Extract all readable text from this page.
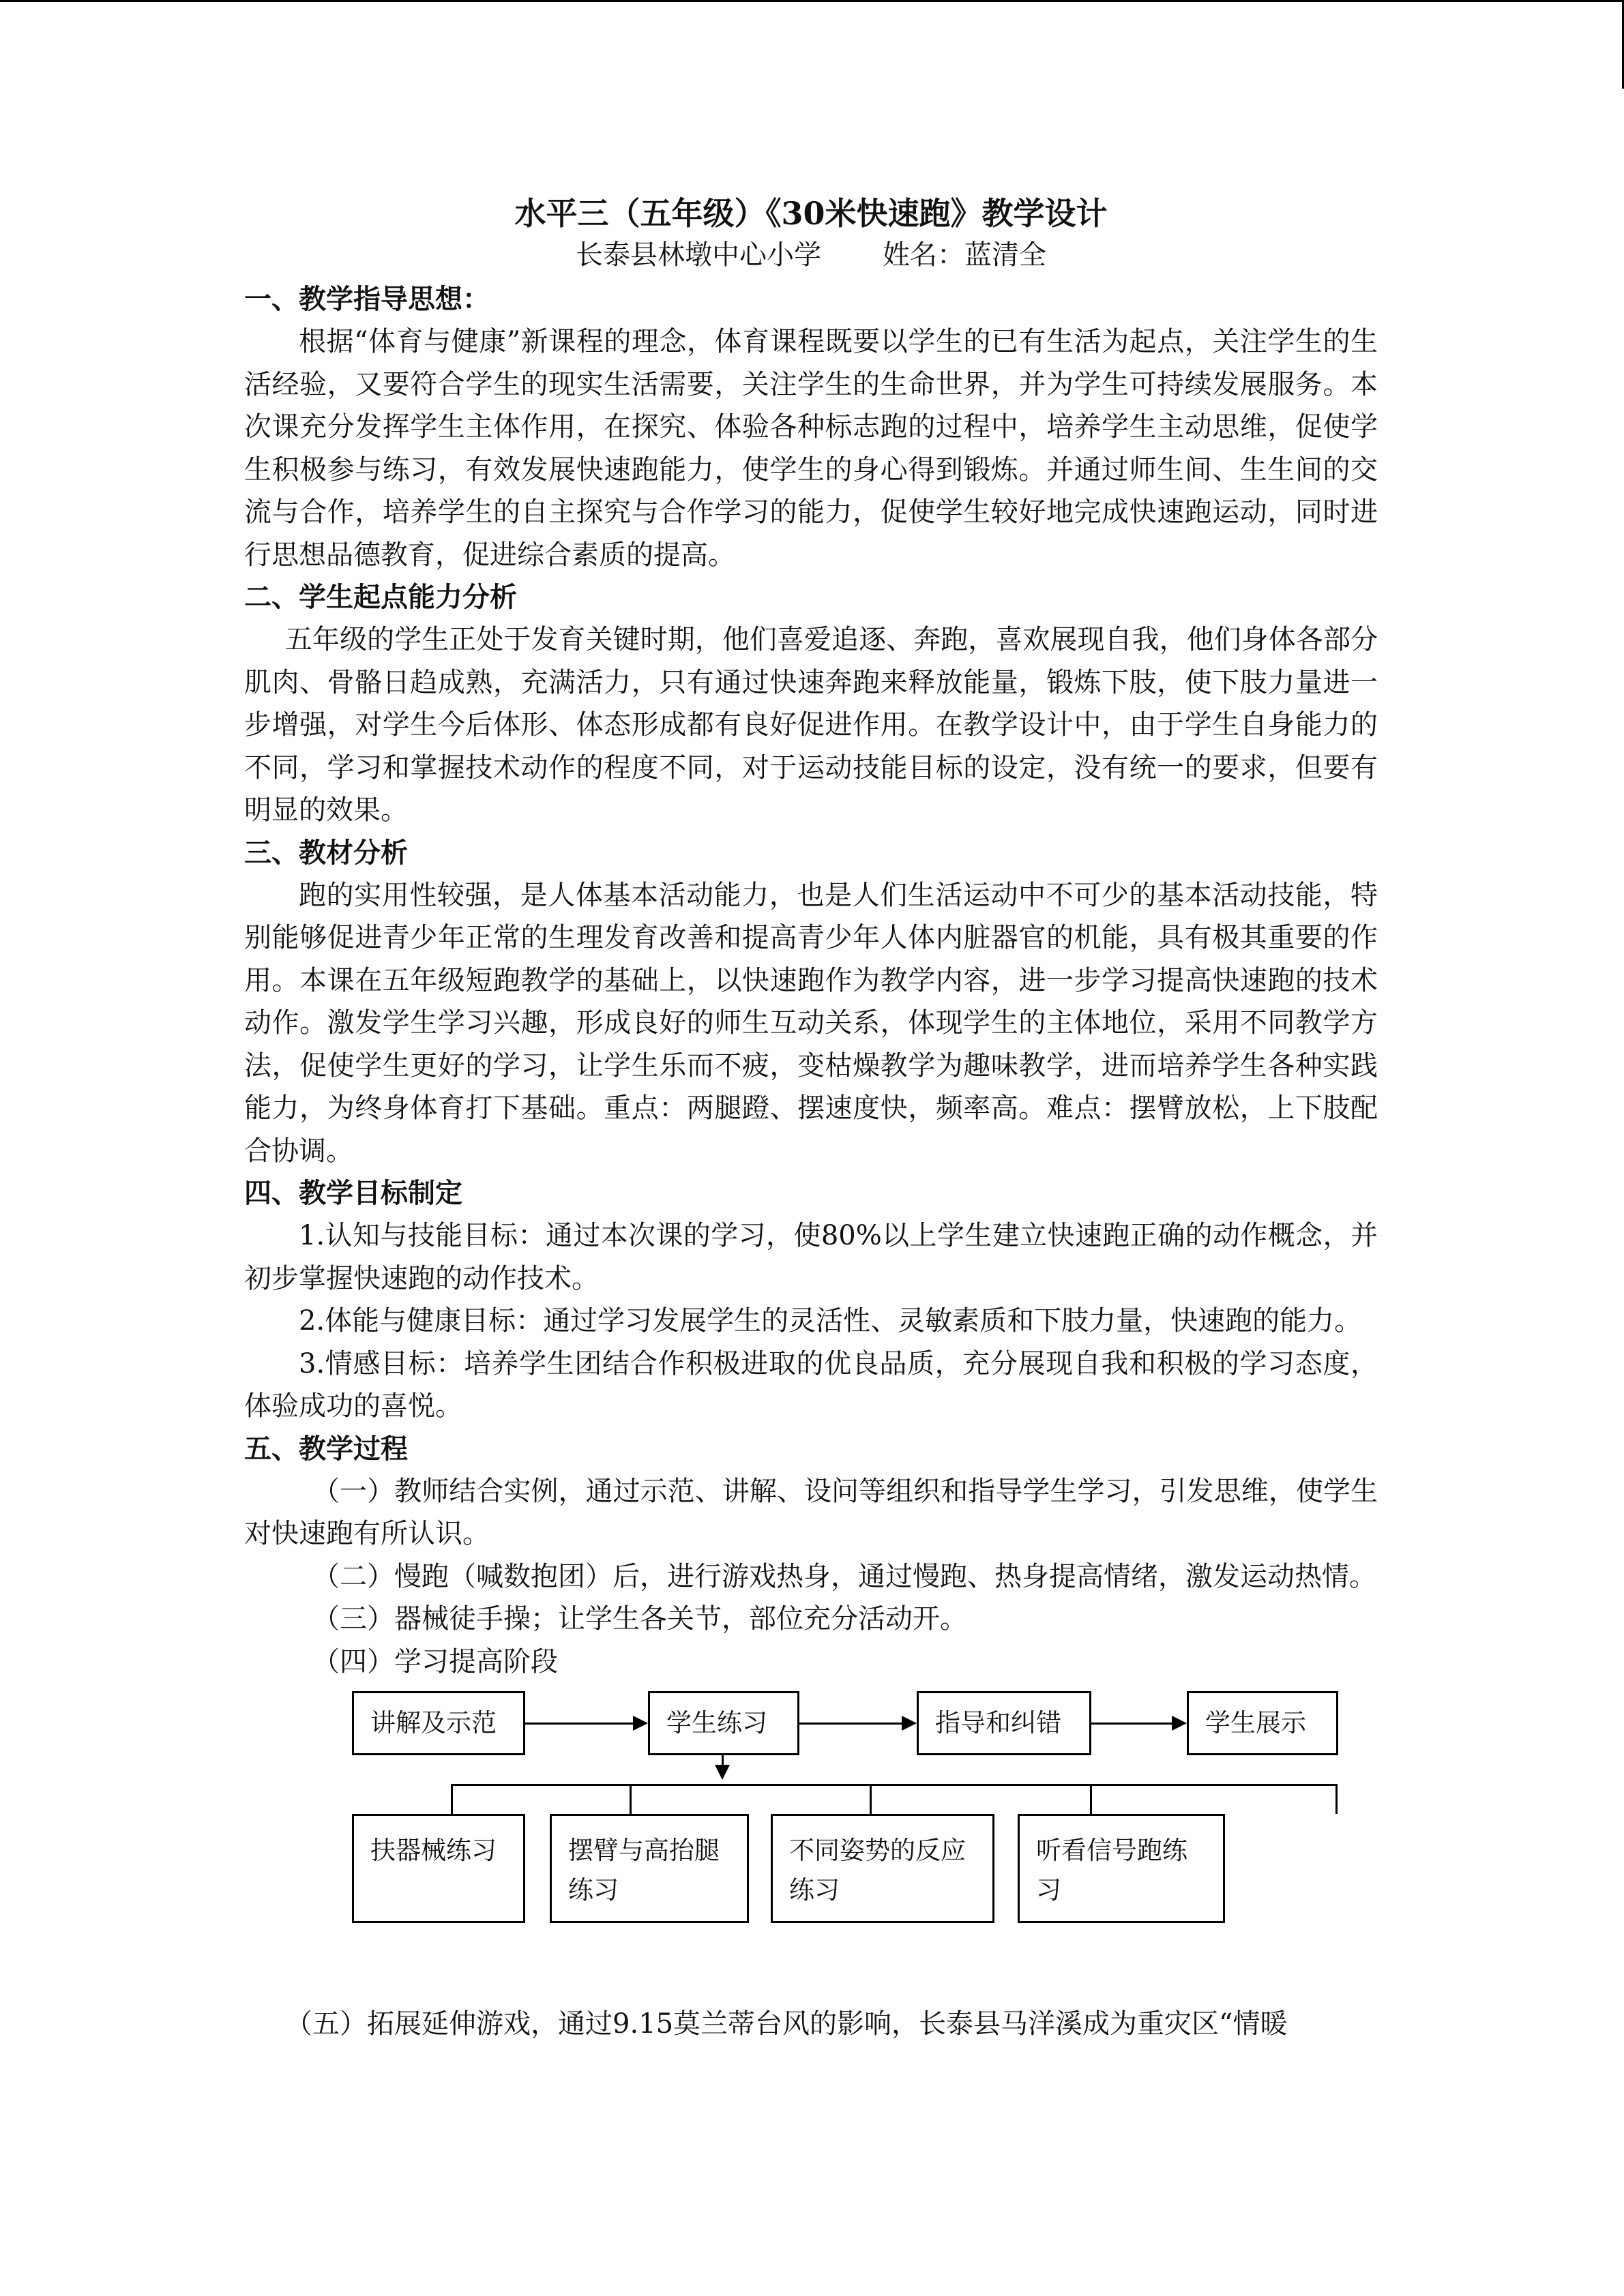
水平三（五年级）《30米快速跑》教学设计
长泰县林墩中心小学 姓名：蓝清全
一、教学指导思想：

根据“体育与健康”新课程的理念，体育课程既要以学生的已有生活为起点，关注学生的生活经验，又要符合学生的现实生活需要，关注学生的生命世界，并为学生可持续发展服务。本次课充分发挥学生主体作用，在探究、体验各种标志跑的过程中，培养学生主动思维，促使学生积极参与练习，有效发展快速跑能力，使学生的身心得到锻炼。并通过师生间、生生间的交流与合作，培养学生的自主探究与合作学习的能力，促使学生较好地完成快速跑运动，同时进行思想品德教育，促进综合素质的提高。

二、学生起点能力分析

五年级的学生正处于发育关键时期，他们喜爱追逐、奔跑，喜欢展现自我，他们身体各部分肌肉、骨骼日趋成熟，充满活力，只有通过快速奔跑来释放能量，锻炼下肢，使下肢力量进一步增强，对学生今后体形、体态形成都有良好促进作用。在教学设计中，由于学生自身能力的不同，学习和掌握技术动作的程度不同，对于运动技能目标的设定，没有统一的要求，但要有明显的效果。

三、教材分析

跑的实用性较强，是人体基本活动能力，也是人们生活运动中不可少的基本活动技能，特别能够促进青少年正常的生理发育改善和提高青少年人体内脏器官的机能，具有极其重要的作用。本课在五年级短跑教学的基础上，以快速跑作为教学内容，进一步学习提高快速跑的技术动作。激发学生学习兴趣，形成良好的师生互动关系，体现学生的主体地位，采用不同教学方法，促使学生更好的学习，让学生乐而不疲，变枯燥教学为趣味教学，进而培养学生各种实践能力，为终身体育打下基础。重点：两腿蹬、摆速度快，频率高。难点：摆臂放松，上下肢配合协调。

四、教学目标制定

1.认知与技能目标：通过本次课的学习，使80%以上学生建立快速跑正确的动作概念，并初步掌握快速跑的动作技术。

2.体能与健康目标：通过学习发展学生的灵活性、灵敏素质和下肢力量，快速跑的能力。

3.情感目标：培养学生团结合作积极进取的优良品质，充分展现自我和积极的学习态度，体验成功的喜悦。

五、教学过程

（一）教师结合实例，通过示范、讲解、设问等组织和指导学生学习，引发思维，使学生对快速跑有所认识。

（二）慢跑（喊数抱团）后，进行游戏热身，通过慢跑、热身提高情绪，激发运动热情。

（三）器械徒手操；让学生各关节，部位充分活动开。

（四）学习提高阶段

讲解及示范	学生练习	指导和纠错	学生展示
扶器械练习	摆臂与高抬腿练习
不同姿势的反应练习
听看信号跑练习

（五）拓展延伸游戏，通过9.15莫兰蒂台风的影响，长泰县马洋溪成为重灾区“情暖
